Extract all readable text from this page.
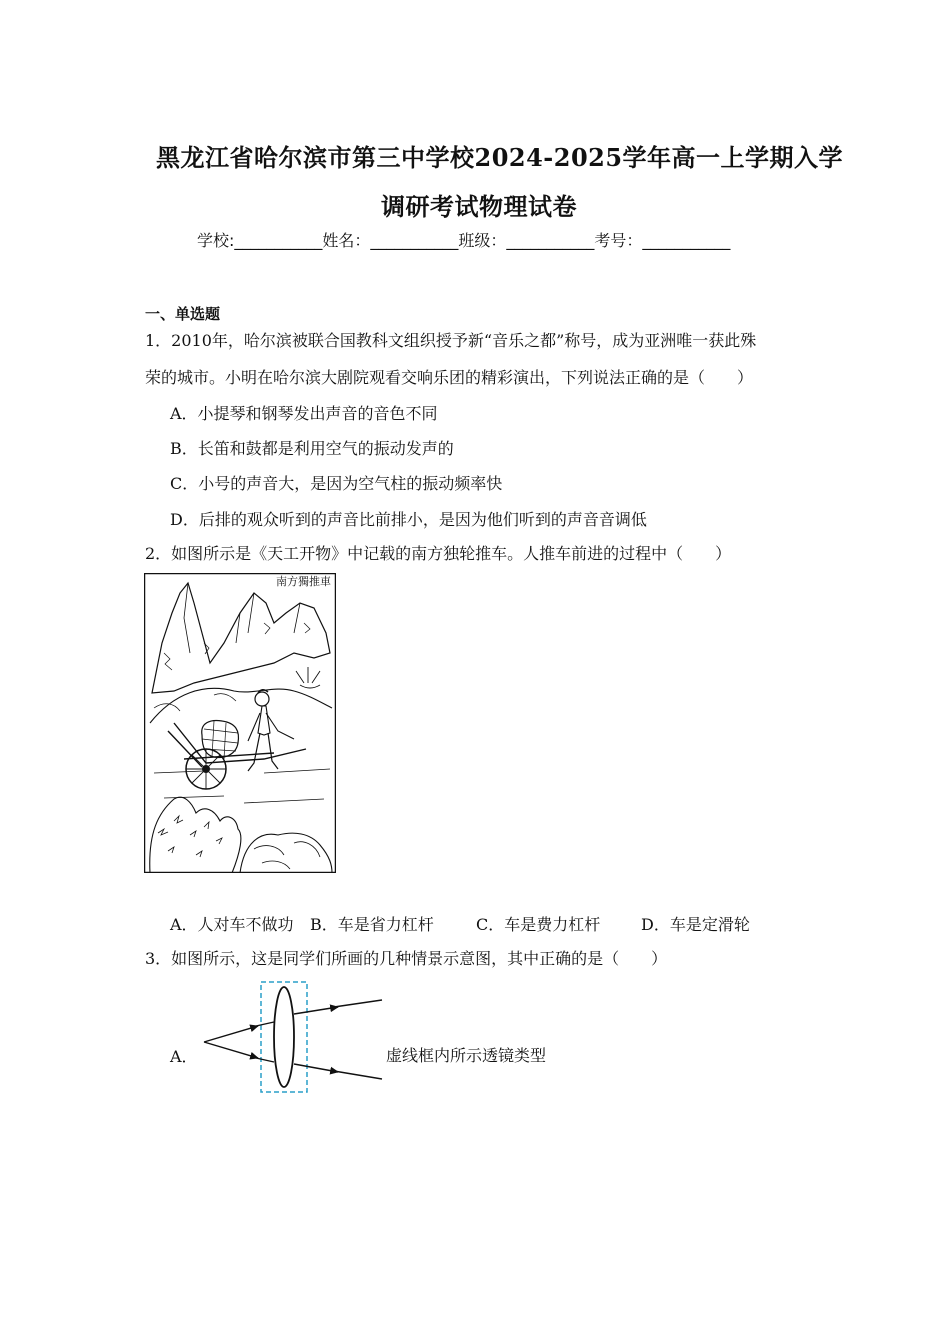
黑龙江省哈尔滨市第三中学校2024-2025学年高一上学期入学
调研考试物理试卷
学校:___________姓名：___________班级：___________考号：___________
一、单选题
1．2010年，哈尔滨被联合国教科文组织授予新“音乐之都”称号，成为亚洲唯一获此殊
荣的城市。小明在哈尔滨大剧院观看交响乐团的精彩演出，下列说法正确的是（　　）
A．小提琴和钢琴发出声音的音色不同
B．长笛和鼓都是利用空气的振动发声的
C．小号的声音大，是因为空气柱的振动频率快
D．后排的观众听到的声音比前排小，是因为他们听到的声音音调低
2．如图所示是《天工开物》中记载的南方独轮推车。人推车前进的过程中（　　）
南方獨推車
A．人对车不做功 B．车是省力杠杆	C．车是费力杠杆	D．车是定滑轮
3．如图所示，这是同学们所画的几种情景示意图，其中正确的是（　　）
A．	虚线框内所示透镜类型
